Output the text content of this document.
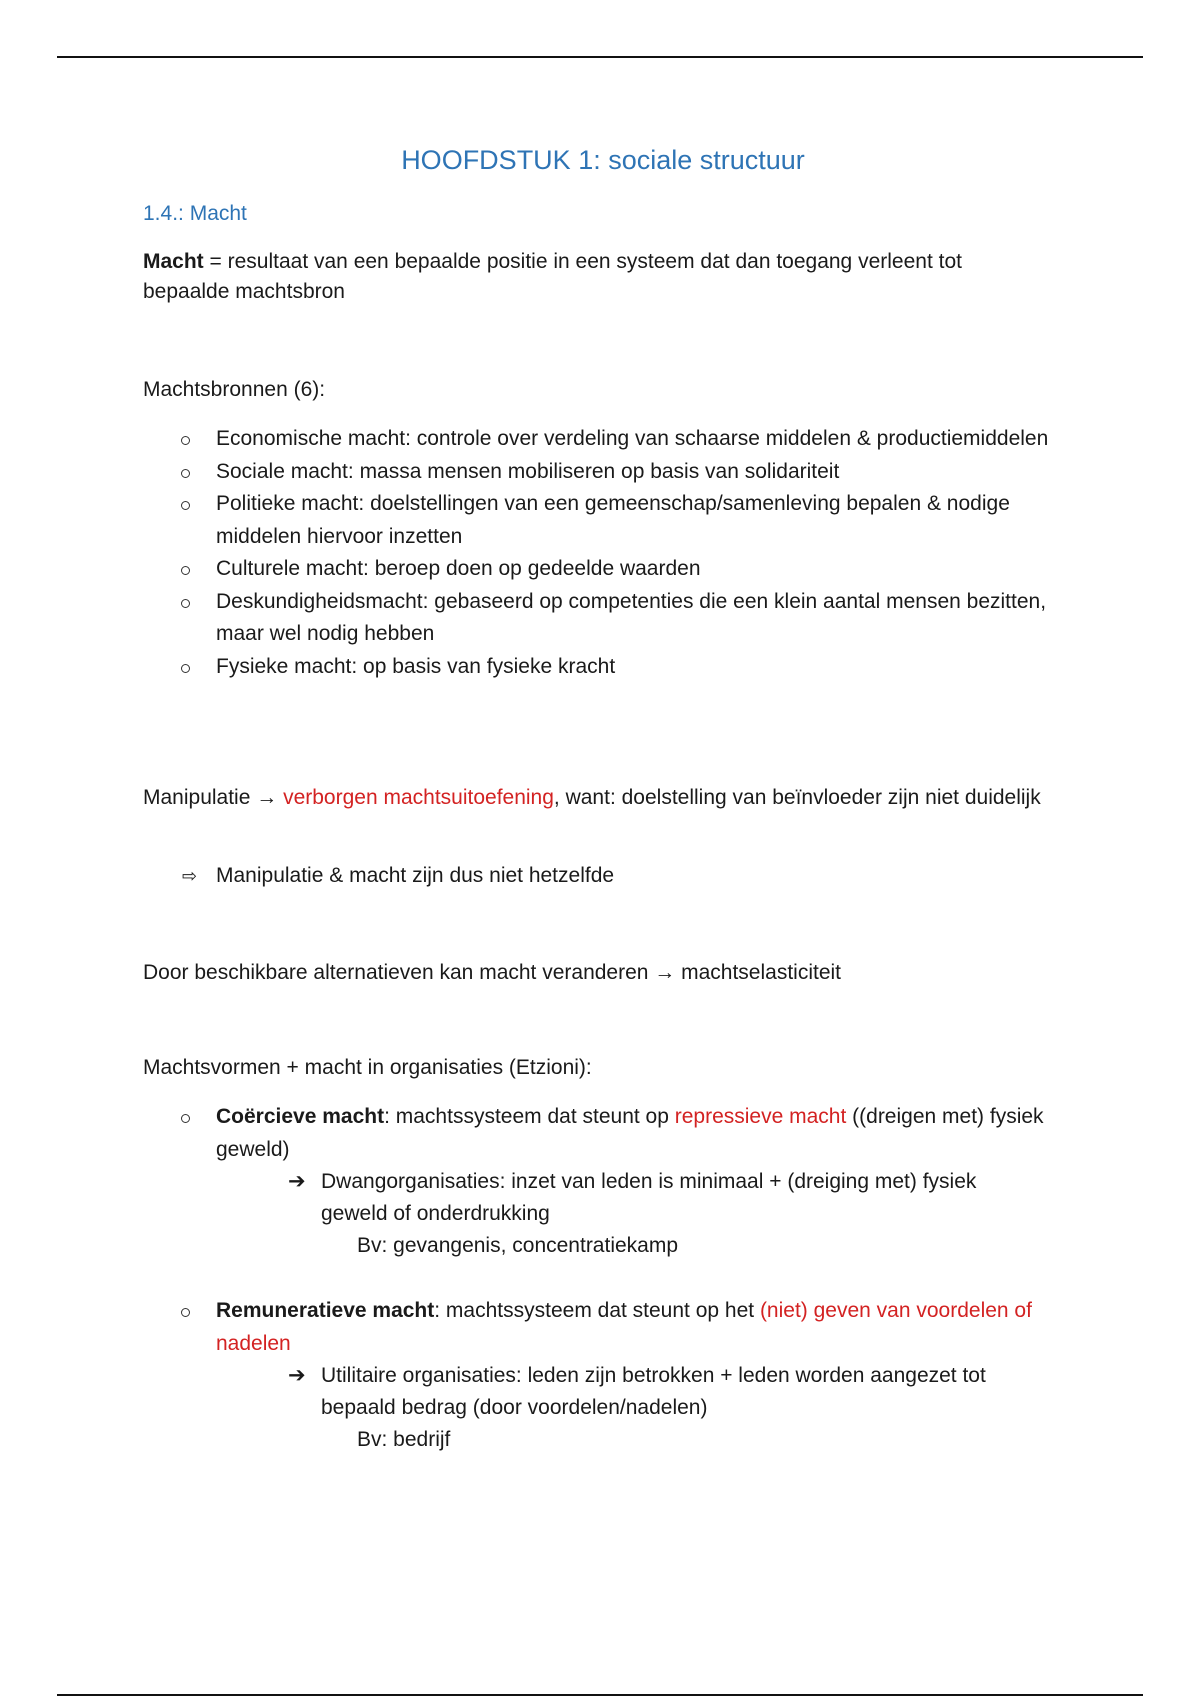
HOOFDSTUK 1: sociale structuur
1.4.: Macht
Macht = resultaat van een bepaalde positie in een systeem dat dan toegang verleent tot bepaalde machtsbron
Machtsbronnen (6):
Economische macht: controle over verdeling van schaarse middelen & productiemiddelen
Sociale macht: massa mensen mobiliseren op basis van solidariteit
Politieke macht: doelstellingen van een gemeenschap/samenleving bepalen & nodige middelen hiervoor inzetten
Culturele macht: beroep doen op gedeelde waarden
Deskundigheidsmacht: gebaseerd op competenties die een klein aantal mensen bezitten, maar wel nodig hebben
Fysieke macht: op basis van fysieke kracht
Manipulatie → verborgen machtsuitoefening, want: doelstelling van beïnvloeder zijn niet duidelijk
⇨ Manipulatie & macht zijn dus niet hetzelfde
Door beschikbare alternatieven kan macht veranderen → machtselasticiteit
Machtsvormen + macht in organisaties (Etzioni):
Coërcieve macht: machtssysteem dat steunt op repressieve macht ((dreigen met) fysiek geweld)
➔ Dwangorganisaties: inzet van leden is minimaal + (dreiging met) fysiek geweld of onderdrukking
Bv: gevangenis, concentratiekamp
Remuneratieve macht: machtssysteem dat steunt op het (niet) geven van voordelen of nadelen
➔ Utilitaire organisaties: leden zijn betrokken + leden worden aangezet tot bepaald bedrag (door voordelen/nadelen)
Bv: bedrijf
